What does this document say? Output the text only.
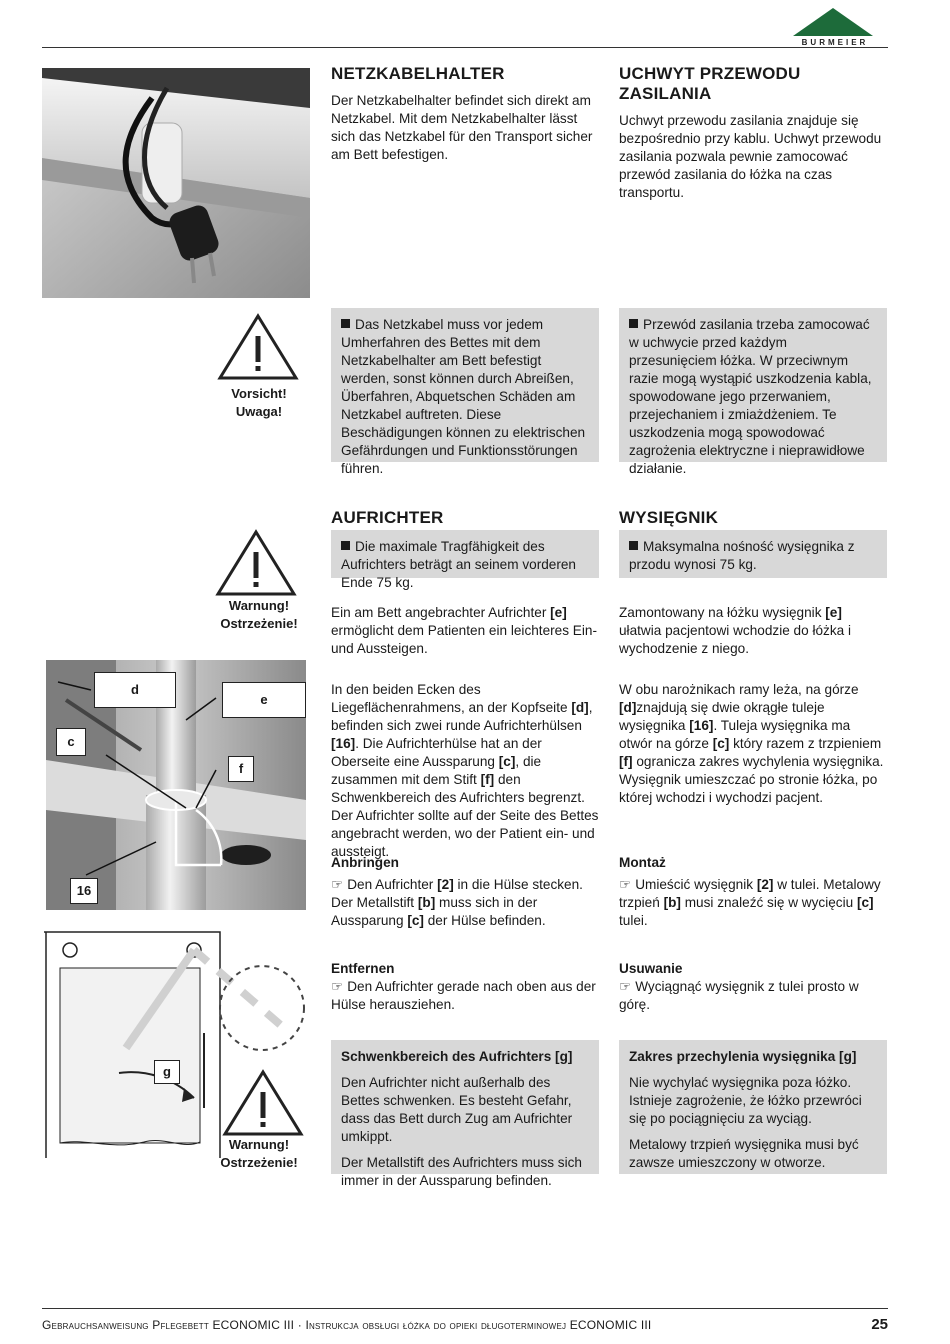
BURMEIER
NETZKABELHALTER

Der Netzkabelhalter befindet sich direkt am Netzkabel. Mit dem Netzkabelhalter lässt sich das Netzkabel für den Transport sicher am Bett befestigen.

UCHWYT PRZEWODU ZASILANIA

Uchwyt przewodu zasilania znajduje się bezpośrednio przy kablu. Uchwyt przewodu zasilania pozwala pewnie zamocować przewód zasilania do łóżka na czas transportu.

Vorsicht!
Uwaga!
Das Netzkabel muss vor jedem Umherfahren des Bettes mit dem Netzkabelhalter am Bett befestigt werden, sonst können durch Abreißen, Überfahren, Abquetschen Schäden am Netzkabel auftreten. Diese Beschädigungen können zu elektrischen Gefährdungen und Funktionsstörungen führen.
Przewód zasilania trzeba zamocować w uchwycie przed każdym przesunięciem łóżka. W przeciwnym razie mogą wystąpić uszkodzenia kabla, spowodowane jego przerwaniem, przejechaniem i zmiażdżeniem. Te uszkodzenia mogą spowodować zagrożenia elektryczne i nieprawidłowe działanie.
AUFRICHTER	WYSIĘGNIK
Warnung!
Ostrzeżenie!
Die maximale Tragfähigkeit des Aufrichters beträgt an seinem vorderen Ende 75 kg.
Maksymalna nośność wysięgnika z przodu wynosi 75 kg.

Ein am Bett angebrachter Aufrichter [e] ermöglicht dem Patienten ein leichteres Ein- und Aussteigen.

Zamontowany na łóżku wysięgnik [e] ułatwia pacjentowi wchodzie do łóżka i wychodzenie z niego.

In den beiden Ecken des Liegeflächenrahmens, an der Kopfseite [d], befinden sich zwei runde Aufrichterhülsen [16]. Die Aufrichterhülse hat an der Oberseite eine Aussparung [c], die zusammen mit dem Stift [f] den Schwenkbereich des Aufrichters begrenzt. Der Aufrichter sollte auf der Seite des Bettes angebracht werden, wo der Patient ein- und aussteigt.

W obu narożnikach ramy leża, na górze [d]znajdują się dwie okrągłe tuleje wysięgnika [16]. Tuleja wysięgnika ma otwór na górze [c] który razem z trzpieniem [f] ogranicza zakres wychylenia wysięgnika. Wysięgnik umieszczać po stronie łóżka, po której wchodzi i wychodzi pacjent.

d
e
c
f
16
g
Anbringen

☞ Den Aufrichter [2] in die Hülse stecken. Der Metallstift [b] muss sich in der Aussparung [c] der Hülse befinden.

Montaż

☞ Umieścić wysięgnik [2] w tulei. Metalowy trzpień [b] musi znaleźć się w wycięciu [c] tulei.

Entfernen

☞ Den Aufrichter gerade nach oben aus der Hülse herausziehen.

Usuwanie

☞ Wyciągnąć wysięgnik z tulei prosto w górę.

Warnung!
Ostrzeżenie!
Schwenkbereich des Aufrichters [g]

Den Aufrichter nicht außerhalb des Bettes schwenken. Es besteht Gefahr, dass das Bett durch Zug am Aufrichter umkippt.

Der Metallstift des Aufrichters muss sich immer in der Aussparung befinden.

Zakres przechylenia wysięgnika [g]

Nie wychylać wysięgnika poza łóżko. Istnieje zagrożenie, że łóżko przewróci się po pociągnięciu za wyciąg.

Metalowy trzpień wysięgnika musi być zawsze umieszczony w otworze.

Gebrauchsanweisung Pflegebett ECONOMIC III · Instrukcja obsługi łóżka do opieki długoterminowej ECONOMIC III	25
